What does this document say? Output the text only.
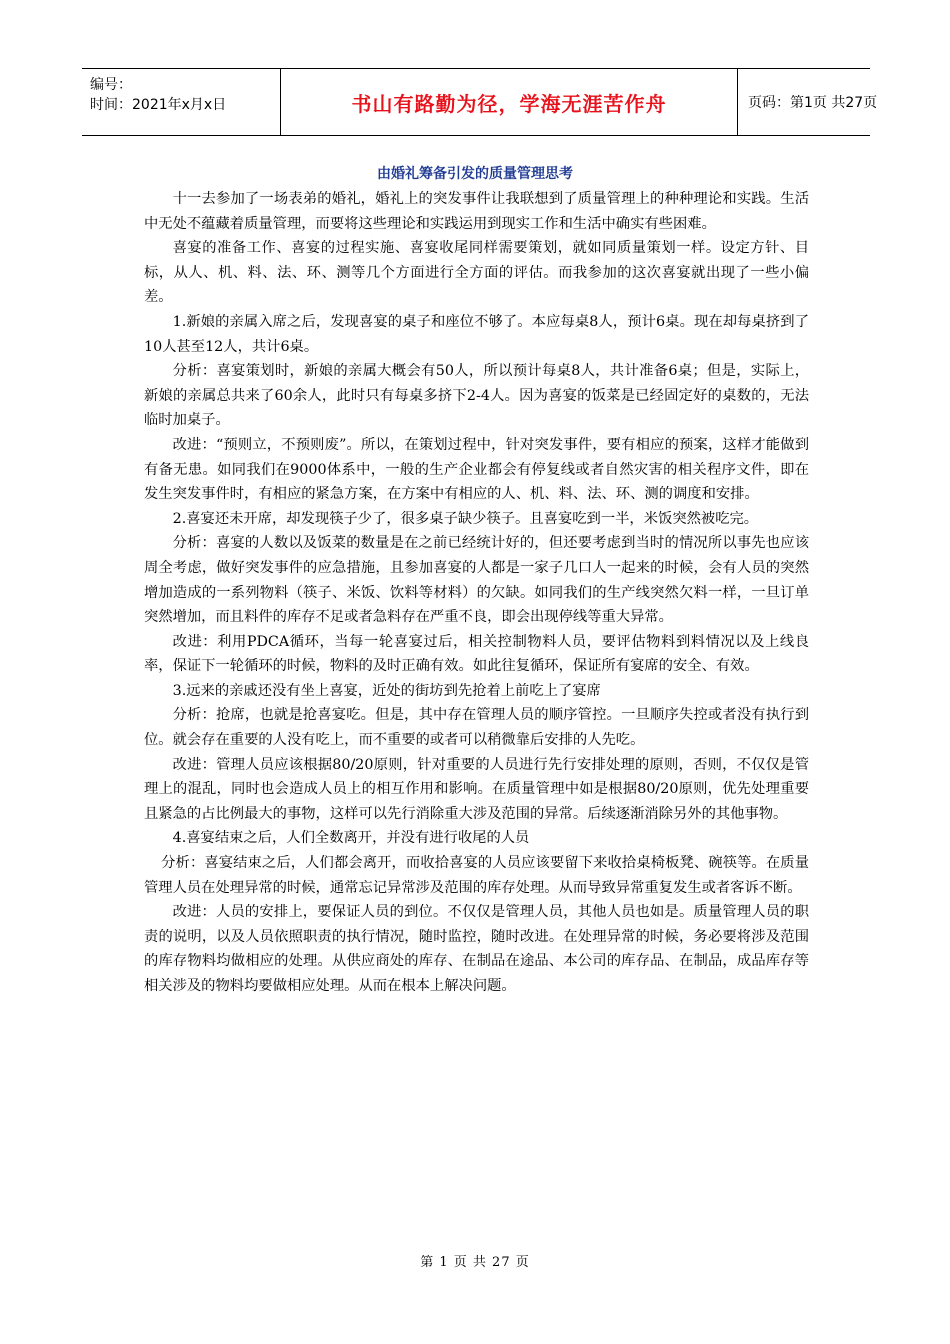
编号：
时间：2021年x月x日	书山有路勤为径，学海无涯苦作舟	页码：第1页 共27页
由婚礼筹备引发的质量管理思考

十一去参加了一场表弟的婚礼，婚礼上的突发事件让我联想到了质量管理上的种种理论和实践。生活中无处不蕴藏着质量管理，而要将这些理论和实践运用到现实工作和生活中确实有些困难。

喜宴的准备工作、喜宴的过程实施、喜宴收尾同样需要策划，就如同质量策划一样。设定方针、目标，从人、机、料、法、环、测等几个方面进行全方面的评估。而我参加的这次喜宴就出现了一些小偏差。

1.新娘的亲属入席之后，发现喜宴的桌子和座位不够了。本应每桌8人，预计6桌。现在却每桌挤到了10人甚至12人，共计6桌。

分析：喜宴策划时，新娘的亲属大概会有50人，所以预计每桌8人，共计准备6桌；但是，实际上，新娘的亲属总共来了60余人，此时只有每桌多挤下2-4人。因为喜宴的饭菜是已经固定好的桌数的，无法临时加桌子。

改进：“预则立，不预则废”。所以，在策划过程中，针对突发事件，要有相应的预案，这样才能做到有备无患。如同我们在9000体系中，一般的生产企业都会有停复线或者自然灾害的相关程序文件，即在发生突发事件时，有相应的紧急方案，在方案中有相应的人、机、料、法、环、测的调度和安排。

2.喜宴还未开席，却发现筷子少了，很多桌子缺少筷子。且喜宴吃到一半，米饭突然被吃完。

分析：喜宴的人数以及饭菜的数量是在之前已经统计好的，但还要考虑到当时的情况所以事先也应该周全考虑，做好突发事件的应急措施，且参加喜宴的人都是一家子几口人一起来的时候，会有人员的突然增加造成的一系列物料（筷子、米饭、饮料等材料）的欠缺。如同我们的生产线突然欠料一样，一旦订单突然增加，而且料件的库存不足或者急料存在严重不良，即会出现停线等重大异常。

改进：利用PDCA循环，当每一轮喜宴过后，相关控制物料人员，要评估物料到料情况以及上线良率，保证下一轮循环的时候，物料的及时正确有效。如此往复循环，保证所有宴席的安全、有效。

3.远来的亲戚还没有坐上喜宴，近处的街坊到先抢着上前吃上了宴席

分析：抢席，也就是抢喜宴吃。但是，其中存在管理人员的顺序管控。一旦顺序失控或者没有执行到位。就会存在重要的人没有吃上，而不重要的或者可以稍微靠后安排的人先吃。

改进：管理人员应该根据80/20原则，针对重要的人员进行先行安排处理的原则，否则，不仅仅是管理上的混乱，同时也会造成人员上的相互作用和影响。在质量管理中如是根据80/20原则，优先处理重要且紧急的占比例最大的事物，这样可以先行消除重大涉及范围的异常。后续逐渐消除另外的其他事物。

4.喜宴结束之后，人们全数离开，并没有进行收尾的人员

分析：喜宴结束之后，人们都会离开，而收拾喜宴的人员应该要留下来收拾桌椅板凳、碗筷等。在质量管理人员在处理异常的时候，通常忘记异常涉及范围的库存处理。从而导致异常重复发生或者客诉不断。

改进：人员的安排上，要保证人员的到位。不仅仅是管理人员，其他人员也如是。质量管理人员的职责的说明，以及人员依照职责的执行情况，随时监控，随时改进。在处理异常的时候，务必要将涉及范围的库存物料均做相应的处理。从供应商处的库存、在制品在途品、本公司的库存品、在制品，成品库存等相关涉及的物料均要做相应处理。从而在根本上解决问题。

第 1 页 共 27 页
